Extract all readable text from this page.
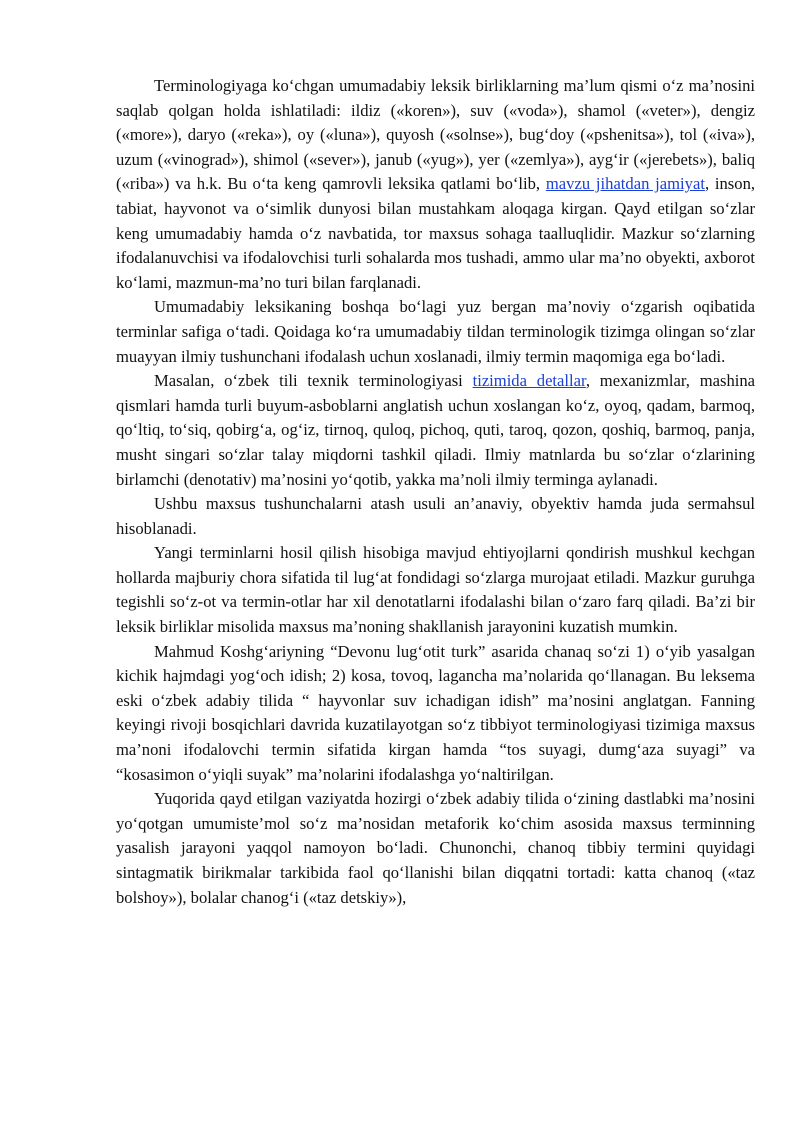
Terminologiyaga ko‘chgan umumadabiy leksik birliklarning ma’lum qismi o‘z ma’nosini saqlab qolgan holda ishlatiladi: ildiz («koren»), suv («voda»), shamol («veter»), dengiz («more»), daryo («reka»), oy («luna»), quyosh («solnse»), bug‘doy («pshenitsa»), tol («iva»), uzum («vinograd»), shimol («sever»), janub («yug»), yer («zemlya»), ayg‘ir («jerebets»), baliq («riba») va h.k. Bu o‘ta keng qamrovli leksika qatlami bo‘lib, mavzu jihatdan jamiyat, inson, tabiat, hayvonot va o‘simlik dunyosi bilan mustahkam aloqaga kirgan. Qayd etilgan so‘zlar keng umumadabiy hamda o‘z navbatida, tor maxsus sohaga taalluqlidir. Mazkur so‘zlarning ifodalanuvchisi va ifodalovchisi turli sohalarda mos tushadi, ammo ular ma’no obyekti, axborot ko‘lami, mazmun-ma’no turi bilan farqlanadi.

Umumadabiy leksikaning boshqa bo‘lagi yuz bergan ma’noviy o‘zgarish oqibatida terminlar safiga o‘tadi. Qoidaga ko‘ra umumadabiy tildan terminologik tizimga olingan so‘zlar muayyan ilmiy tushunchani ifodalash uchun xoslanadi, ilmiy termin maqomiga ega bo‘ladi.

Masalan, o‘zbek tili texnik terminologiyasi tizimida detallar, mexanizmlar, mashina qismlari hamda turli buyum-asboblarni anglatish uchun xoslangan ko‘z, oyoq, qadam, barmoq, qo‘ltiq, to‘siq, qobirg‘a, og‘iz, tirnoq, quloq, pichoq, quti, taroq, qozon, qoshiq, barmoq, panja, musht singari so‘zlar talay miqdorni tashkil qiladi. Ilmiy matnlarda bu so‘zlar o‘zlarining birlamchi (denotativ) ma’nosini yo‘qotib, yakka ma’noli ilmiy terminga aylanadi.

Ushbu maxsus tushunchalarni atash usuli an’anaviy, obyektiv hamda juda sermahsul hisoblanadi.

Yangi terminlarni hosil qilish hisobiga mavjud ehtiyojlarni qondirish mushkul kechgan hollarda majburiy chora sifatida til lug‘at fondidagi so‘zlarga murojaat etiladi. Mazkur guruhga tegishli so‘z-ot va termin-otlar har xil denotatlarni ifodalashi bilan o‘zaro farq qiladi. Ba’zi bir leksik birliklar misolida maxsus ma’noning shakllanish jarayonini kuzatish mumkin.

Mahmud Koshg‘ariyning “Devonu lug‘otit turk” asarida chanaq so‘zi 1) o‘yib yasalgan kichik hajmdagi yog‘och idish; 2) kosa, tovoq, lagancha ma’nolarida qo‘llanagan. Bu leksema eski o‘zbek adabiy tilida “ hayvonlar suv ichadigan idish” ma’nosini anglatgan. Fanning keyingi rivoji bosqichlari davrida kuzatilayotgan so‘z tibbiyot terminologiyasi tizimiga maxsus ma’noni ifodalovchi termin sifatida kirgan hamda “tos suyagi, dumg‘aza suyagi” va “kosasimon o‘yiqli suyak” ma’nolarini ifodalashga yo‘naltirilgan.

Yuqorida qayd etilgan vaziyatda hozirgi o‘zbek adabiy tilida o‘zining dastlabki ma’nosini yo‘qotgan umumiste’mol so‘z ma’nosidan metaforik ko‘chim asosida maxsus terminning yasalish jarayoni yaqqol namoyon bo‘ladi. Chunonchi, chanoq tibbiy termini quyidagi sintagmatik birikmalar tarkibida faol qo‘llanishi bilan diqqatni tortadi: katta chanoq («taz bolshoy»), bolalar chanog‘i («taz detskiy»),
